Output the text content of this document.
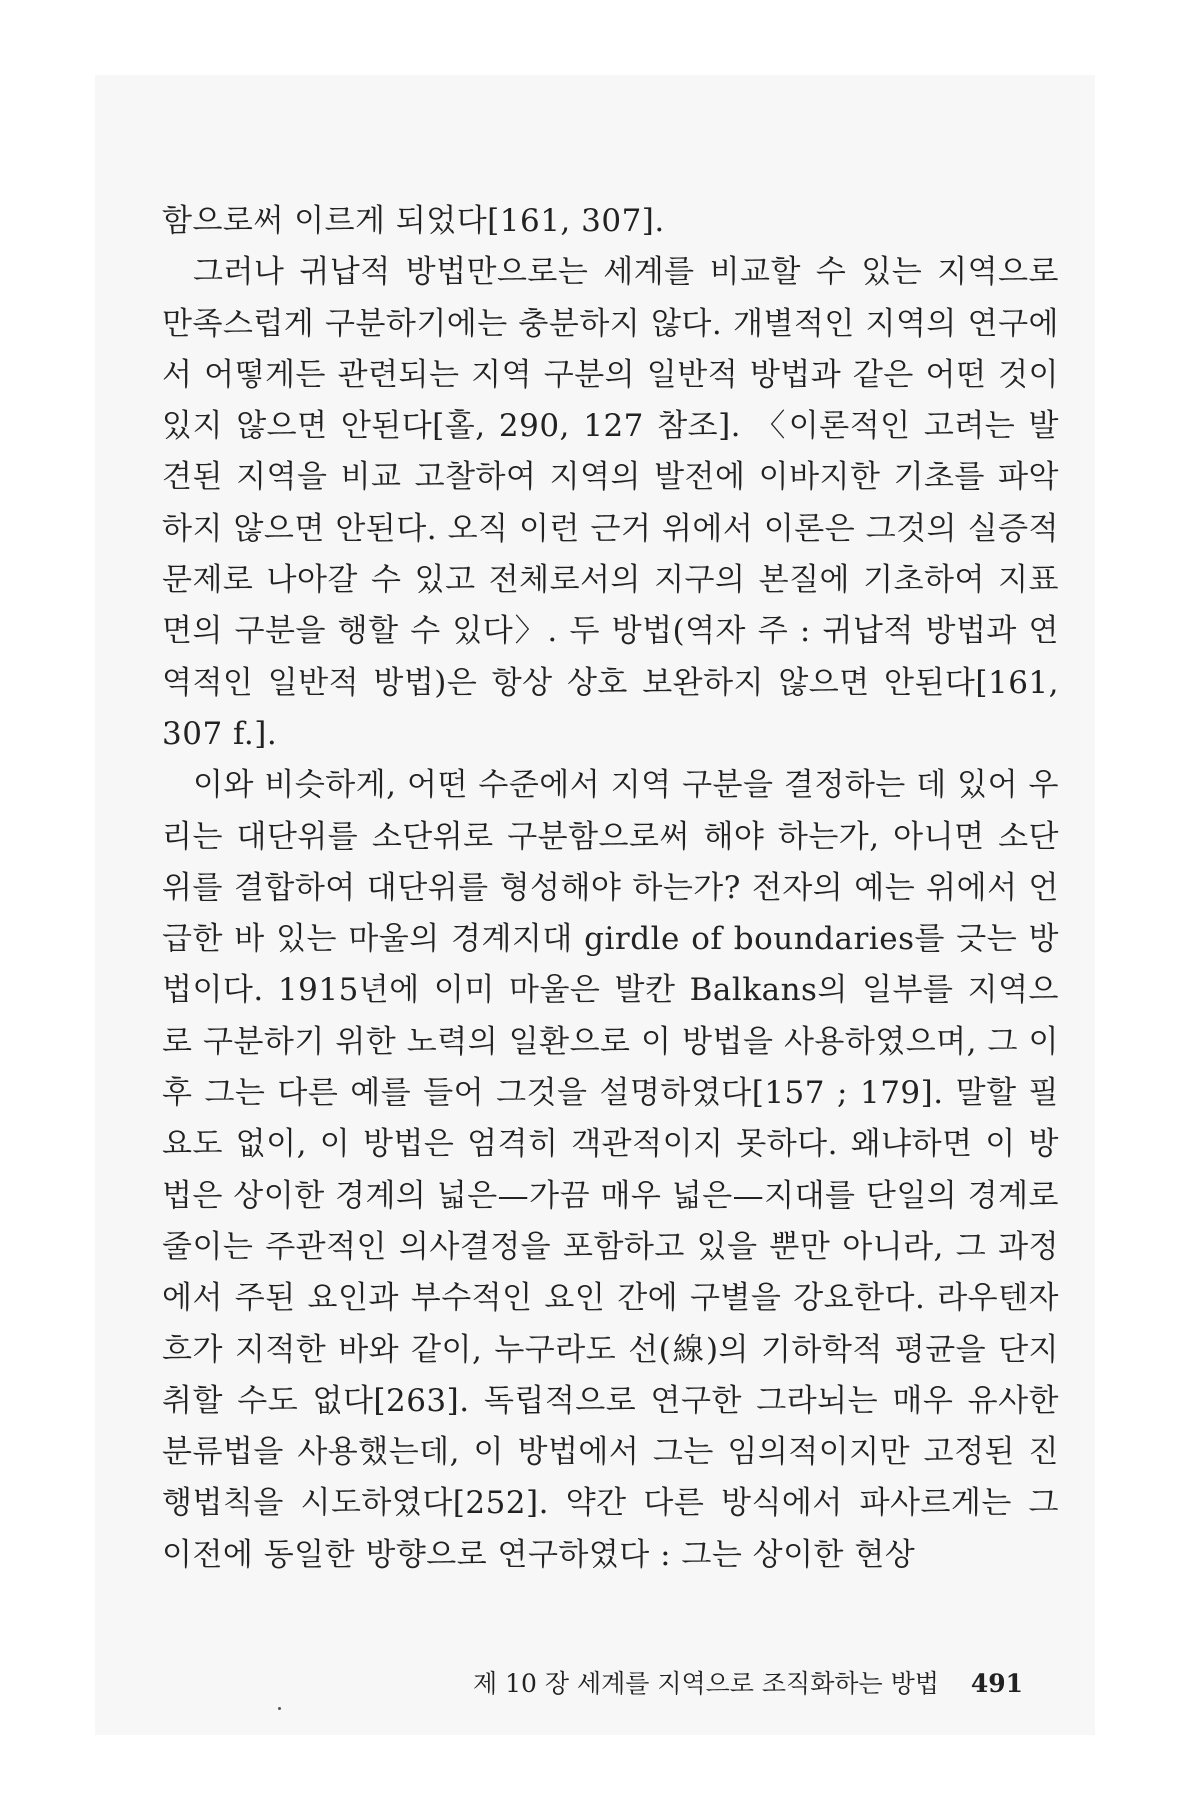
함으로써 이르게 되었다[161, 307].

그러나 귀납적 방법만으로는 세계를 비교할 수 있는 지역으로 만족스럽게 구분하기에는 충분하지 않다. 개별적인 지역의 연구에서 어떻게든 관련되는 지역 구분의 일반적 방법과 같은 어떤 것이 있지 않으면 안된다[홀, 290, 127 참조]. 〈이론적인 고려는 발견된 지역을 비교 고찰하여 지역의 발전에 이바지한 기초를 파악하지 않으면 안된다. 오직 이런 근거 위에서 이론은 그것의 실증적 문제로 나아갈 수 있고 전체로서의 지구의 본질에 기초하여 지표면의 구분을 행할 수 있다〉. 두 방법(역자 주 : 귀납적 방법과 연역적인 일반적 방법)은 항상 상호 보완하지 않으면 안된다[161, 307 f.].

이와 비슷하게, 어떤 수준에서 지역 구분을 결정하는 데 있어 우리는 대단위를 소단위로 구분함으로써 해야 하는가, 아니면 소단위를 결합하여 대단위를 형성해야 하는가? 전자의 예는 위에서 언급한 바 있는 마울의 경계지대 girdle of boundaries를 긋는 방법이다. 1915년에 이미 마울은 발칸 Balkans의 일부를 지역으로 구분하기 위한 노력의 일환으로 이 방법을 사용하였으며, 그 이후 그는 다른 예를 들어 그것을 설명하였다[157 ; 179]. 말할 필요도 없이, 이 방법은 엄격히 객관적이지 못하다. 왜냐하면 이 방법은 상이한 경계의 넓은—가끔 매우 넓은—지대를 단일의 경계로 줄이는 주관적인 의사결정을 포함하고 있을 뿐만 아니라, 그 과정에서 주된 요인과 부수적인 요인 간에 구별을 강요한다. 라우텐자흐가 지적한 바와 같이, 누구라도 선(線)의 기하학적 평균을 단지 취할 수도 없다[263]. 독립적으로 연구한 그라뇌는 매우 유사한 분류법을 사용했는데, 이 방법에서 그는 임의적이지만 고정된 진행법칙을 시도하였다[252]. 약간 다른 방식에서 파사르게는 그 이전에 동일한 방향으로 연구하였다 : 그는 상이한 현상

제 10 장 세계를 지역으로 조직화하는 방법 491
